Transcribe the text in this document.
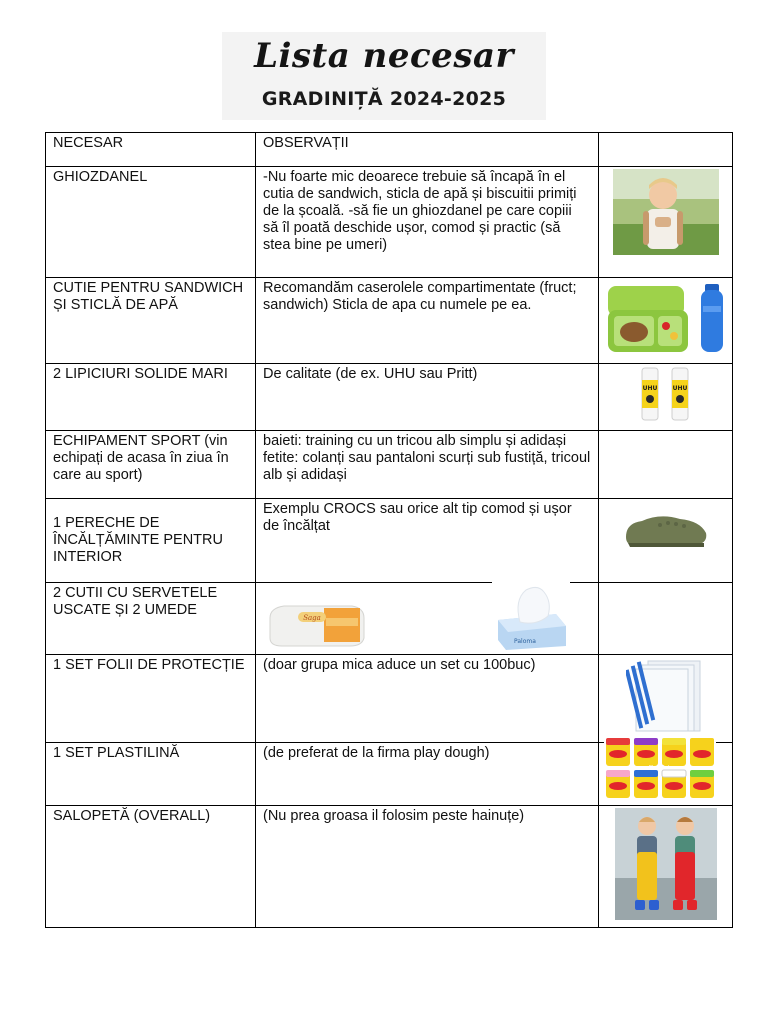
Lista necesar
GRADINIȚĂ 2024-2025
NECESAR	OBSERVAȚII	
GHIOZDANEL	-Nu foarte mic deoarece trebuie să încapă în el cutia de sandwich, sticla de apă și biscuitii primiți de la școală. -să fie un ghiozdanel pe care copiii să îl poată deschide ușor, comod și practic (să stea bine pe umeri)	
CUTIE PENTRU SANDWICH ȘI STICLĂ DE APĂ	Recomandăm caserolele compartimentate (fruct; sandwich) Sticla de apa cu numele pe ea.	
2 LIPICIURI SOLIDE MARI	De calitate (de ex. UHU sau Pritt)	UHU UHU

ECHIPAMENT SPORT (vin echipați de acasa în ziua în care au sport)	baieti: training cu un tricou alb simplu și adidași fetite: colanți sau pantaloni scurți sub fustiță, tricoul alb și adidași	
1 PERECHE DE ÎNCĂLȚĂMINTE PENTRU INTERIOR	Exemplu CROCS sau orice alt tip comod și ușor de încălțat	
2 CUTII CU SERVETELE USCATE ȘI 2 UMEDE		
1 SET FOLII DE PROTECȚIE	(doar grupa mica aduce un set cu 100buc)	
1 SET PLASTILINĂ	(de preferat de la firma play dough)	
SALOPETĂ (OVERALL)	(Nu prea groasa il folosim peste hainuțe)	
Saga
Paloma
Play-Doh
